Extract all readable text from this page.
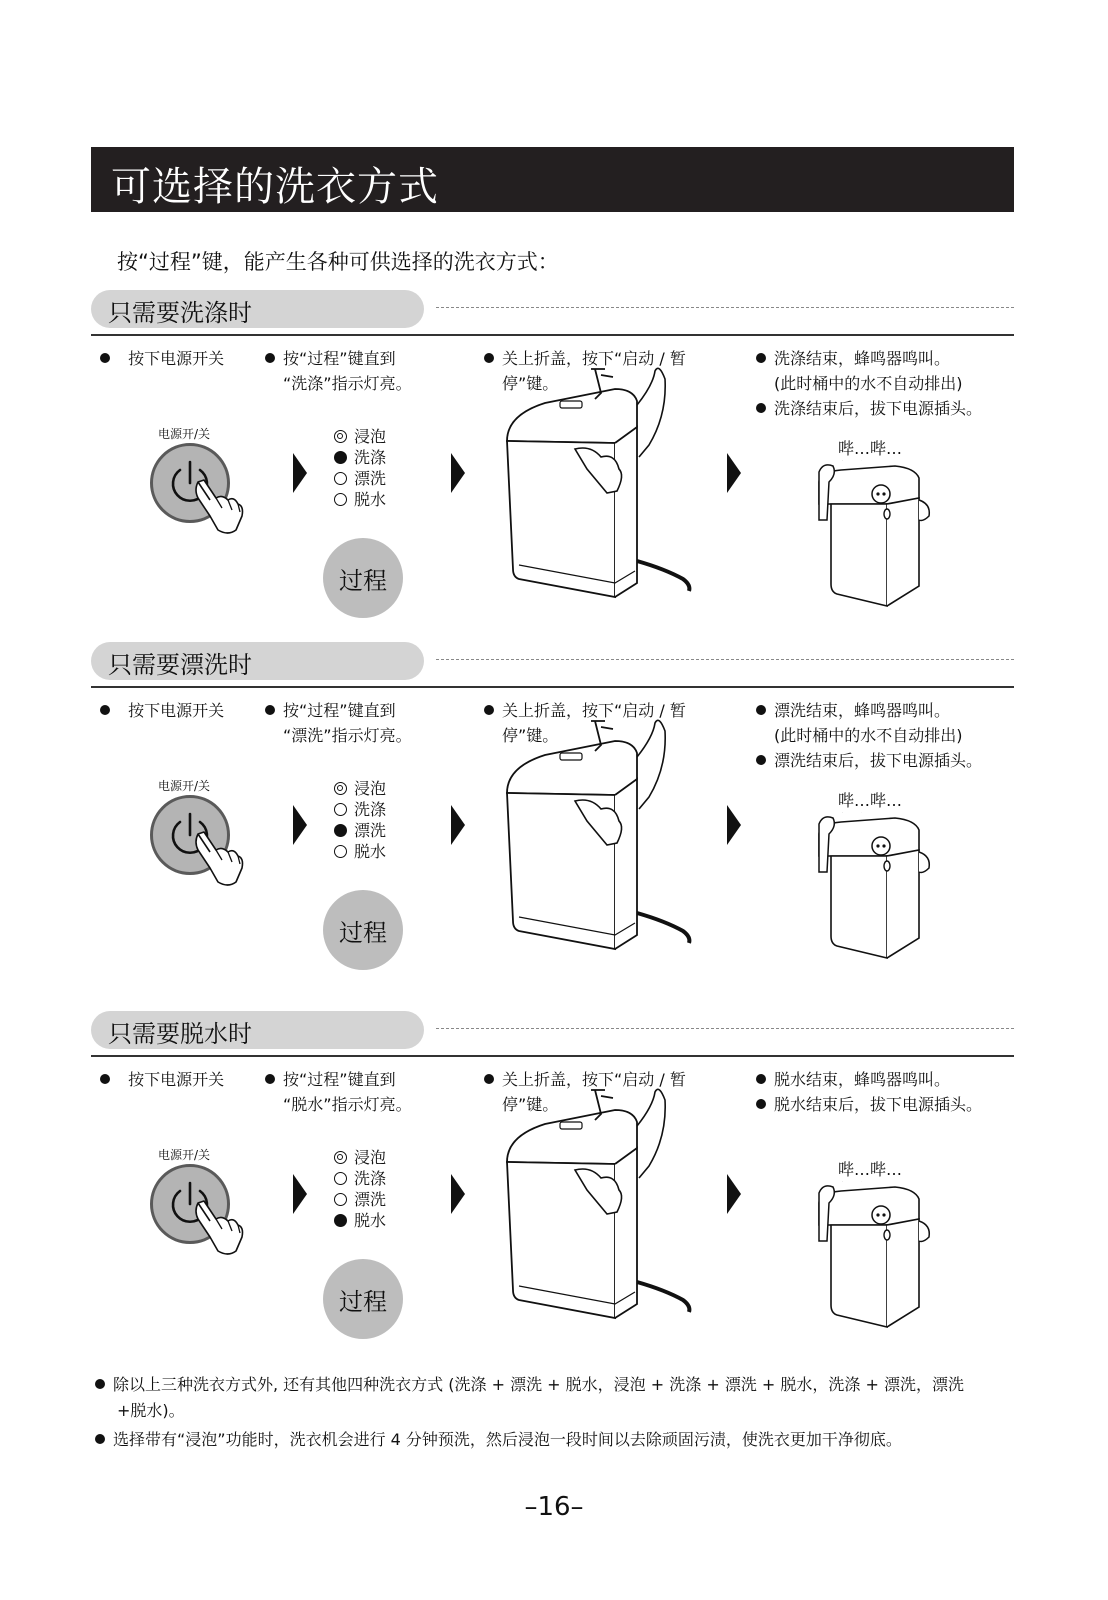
可选择的洗衣方式
按“过程”键，能产生各种可供选择的洗衣方式：
只需要洗涤时
按下电源开关	按“过程”键直到
“洗涤”指示灯亮。
关上折盖，按下“启动 / 暂
停”键。
洗涤结束，蜂鸣器鸣叫。
(此时桶中的水不自动排出)
洗涤结束后，拔下电源插头。
电源开/关	浸泡
洗涤
漂洗
脱水
过程
哔…哔…
只需要漂洗时
按下电源开关	按“过程”键直到
“漂洗”指示灯亮。
关上折盖，按下“启动 / 暂
停”键。
漂洗结束，蜂鸣器鸣叫。
(此时桶中的水不自动排出)
漂洗结束后，拔下电源插头。
电源开/关	浸泡
洗涤
漂洗
脱水
过程
哔…哔…
只需要脱水时
按下电源开关	按“过程”键直到
“脱水”指示灯亮。
关上折盖，按下“启动 / 暂
停”键。
脱水结束，蜂鸣器鸣叫。
脱水结束后，拔下电源插头。

电源开/关	浸泡
洗涤
漂洗
脱水
过程
哔…哔…
除以上三种洗衣方式外, 还有其他四种洗衣方式 (洗涤 + 漂洗 + 脱水，浸泡 + 洗涤 + 漂洗 + 脱水，洗涤 + 漂洗，漂洗
+脱水)。
选择带有“浸泡”功能时，洗衣机会进行 4 分钟预洗，然后浸泡一段时间以去除顽固污渍，使洗衣更加干净彻底。
–16–
